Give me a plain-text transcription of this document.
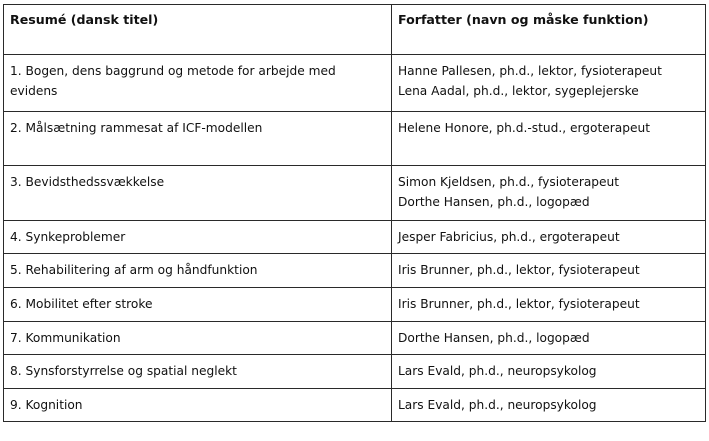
Resumé (dansk titel)	Forfatter (navn og måske funktion)
1. Bogen, dens baggrund og metode for arbejde med evidens	Hanne Pallesen, ph.d., lektor, fysioterapeut
Lena Aadal, ph.d., lektor, sygeplejerske

2. Målsætning rammesat af ICF-modellen	Helene Honore, ph.d.-stud., ergoterapeut

3. Bevidsthedssvækkelse	Simon Kjeldsen, ph.d., fysioterapeut
Dorthe Hansen, ph.d., logopæd

4. Synkeproblemer	Jesper Fabricius, ph.d., ergoterapeut

5. Rehabilitering af arm og håndfunktion	Iris Brunner, ph.d., lektor, fysioterapeut

6. Mobilitet efter stroke	Iris Brunner, ph.d., lektor, fysioterapeut

7. Kommunikation	Dorthe Hansen, ph.d., logopæd

8. Synsforstyrrelse og spatial neglekt	Lars Evald, ph.d., neuropsykolog

9. Kognition	Lars Evald, ph.d., neuropsykolog
